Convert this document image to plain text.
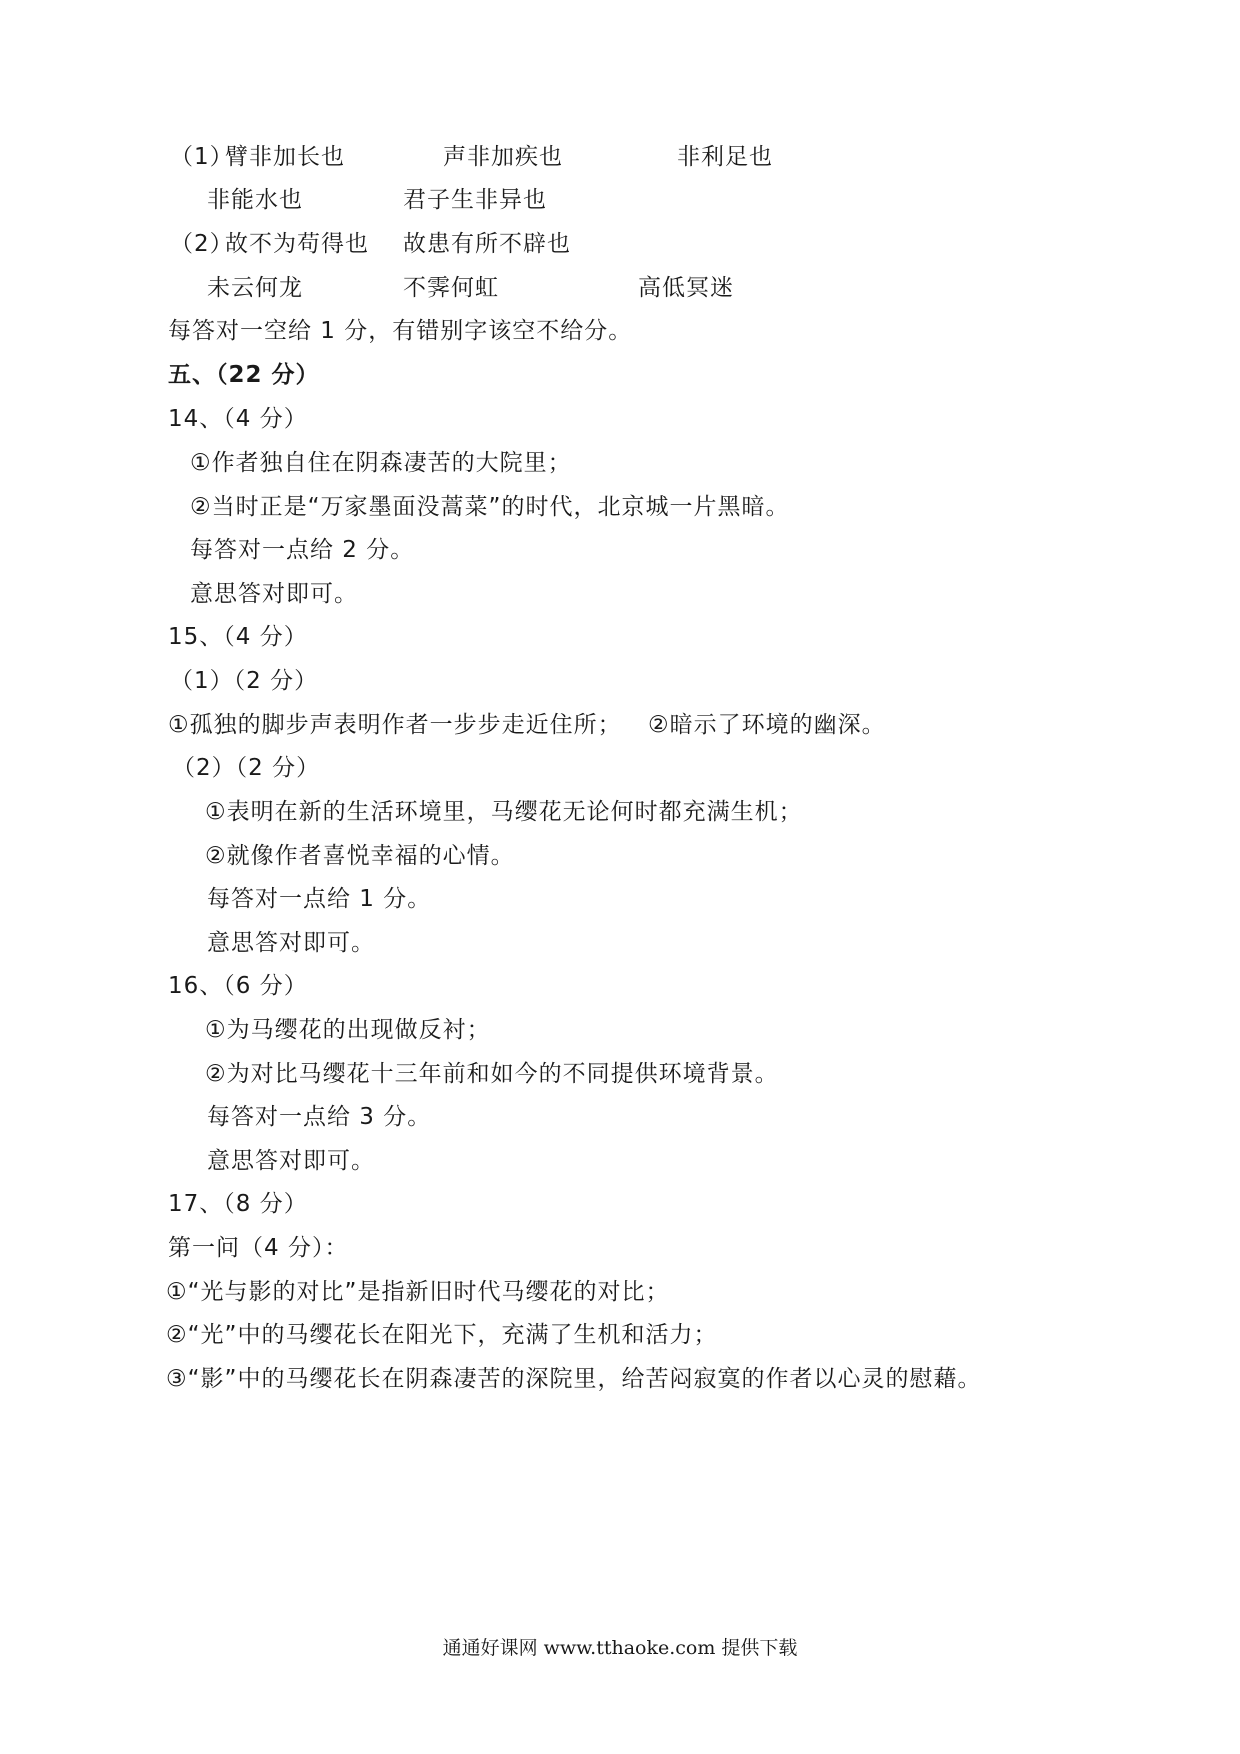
（1）
臂非加长也	声非加疾也	非利足也
非能水也	君子生非异也
（2）
故不为苟得也 故患有所不辟也
未云何龙	不霁何虹	高低冥迷
每答对一空给 1 分，有错别字该空不给分。
五、（22 分）
14、（4 分）
①作者独自住在阴森凄苦的大院里；
②当时正是“万家墨面没蒿菜”的时代，北京城一片黑暗。
每答对一点给 2 分。
意思答对即可。
15、（4 分）
（1）（2 分）
①孤独的脚步声表明作者一步步走近住所； ②暗示了环境的幽深。
（2）（2 分）
①表明在新的生活环境里，马缨花无论何时都充满生机；
②就像作者喜悦幸福的心情。
每答对一点给 1 分。
意思答对即可。
16、（6 分）
①为马缨花的出现做反衬；
②为对比马缨花十三年前和如今的不同提供环境背景。
每答对一点给 3 分。
意思答对即可。
17、（8 分）
第一问（4 分）：
①“光与影的对比”是指新旧时代马缨花的对比；
②“光”中的马缨花长在阳光下，充满了生机和活力；
③“影”中的马缨花长在阴森凄苦的深院里，给苦闷寂寞的作者以心灵的慰藉。
通通好课网 www.tthaoke.com 提供下载
